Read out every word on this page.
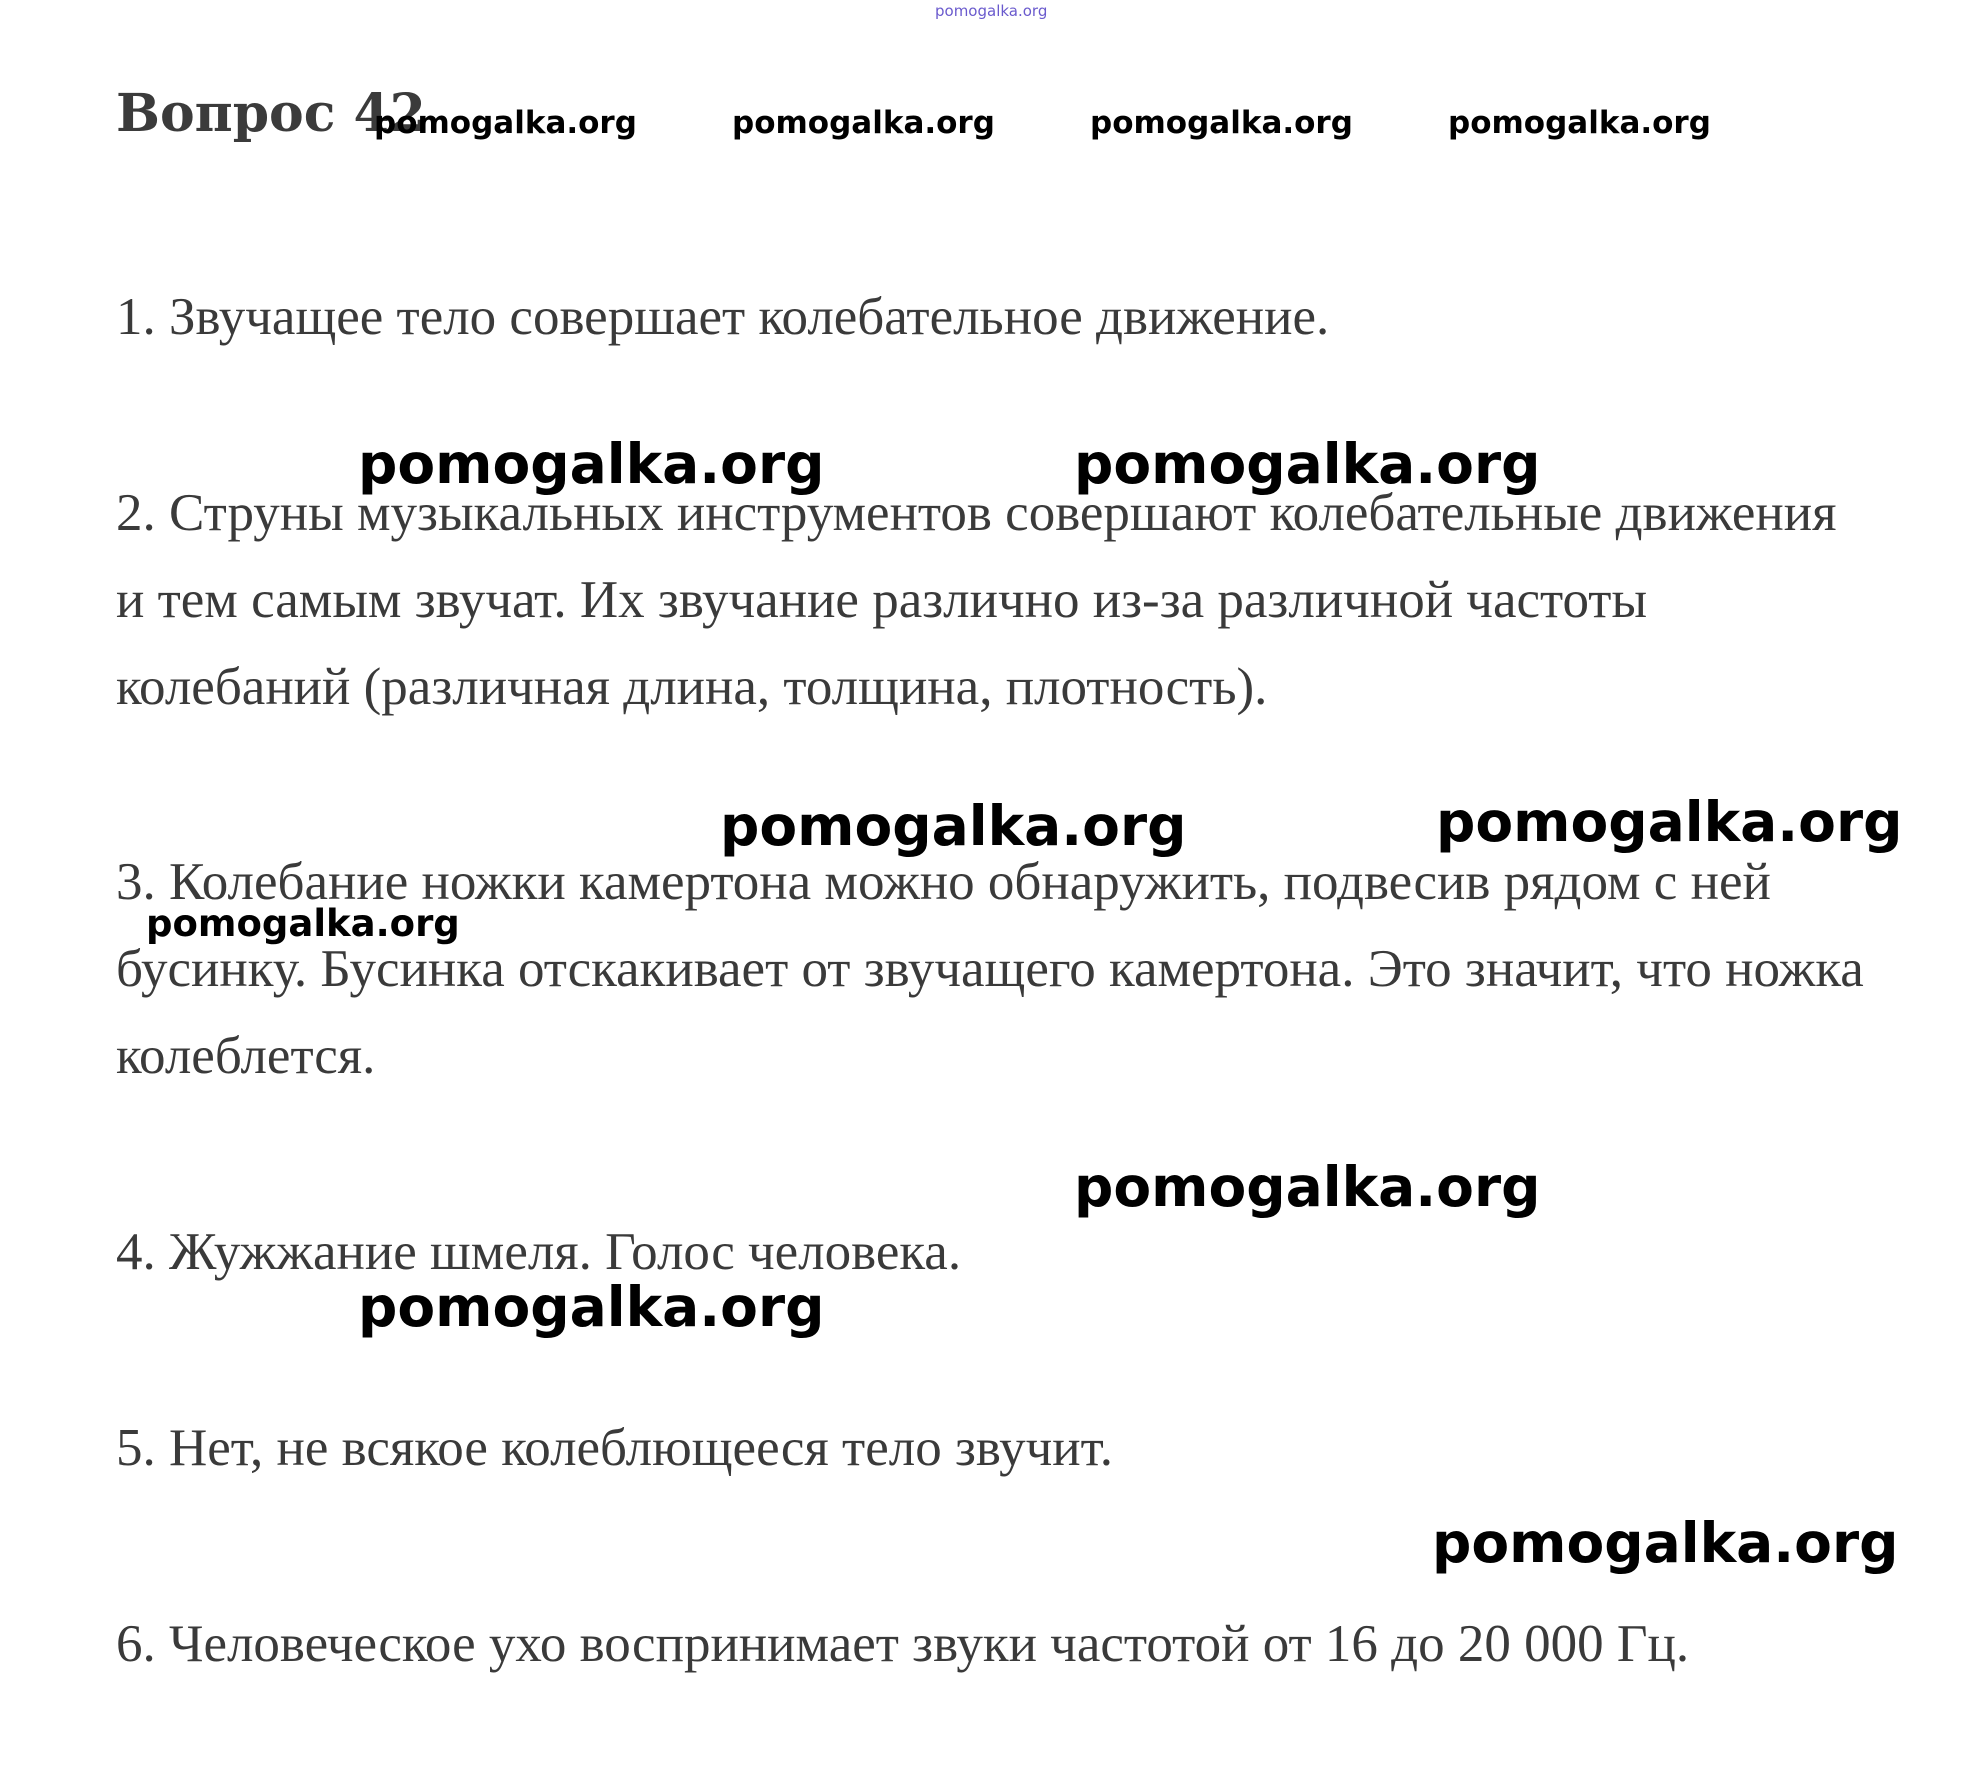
pomogalka.org
Вопрос 42
pomogalka.org	pomogalka.org	pomogalka.org	pomogalka.org

1. Звучащее тело совершает колебательное движение.

2. Струны музыкальных инструментов совершают колебательные движения и тем самым звучат. Их звучание различно из-за различной частоты колебаний (различная длина, толщина, плотность).

3. Колебание ножки камертона можно обнаружить, подвесив рядом с ней бусинку. Бусинка отскакивает от звучащего камертона. Это значит, что ножка колеблется.

4. Жужжание шмеля. Голос человека.

5. Нет, не всякое колеблющееся тело звучит.

6. Человеческое ухо воспринимает звуки частотой от 16 до 20 000 Гц.

pomogalka.org	pomogalka.org
pomogalka.org	pomogalka.org
pomogalka.org
pomogalka.org
pomogalka.org
pomogalka.org
